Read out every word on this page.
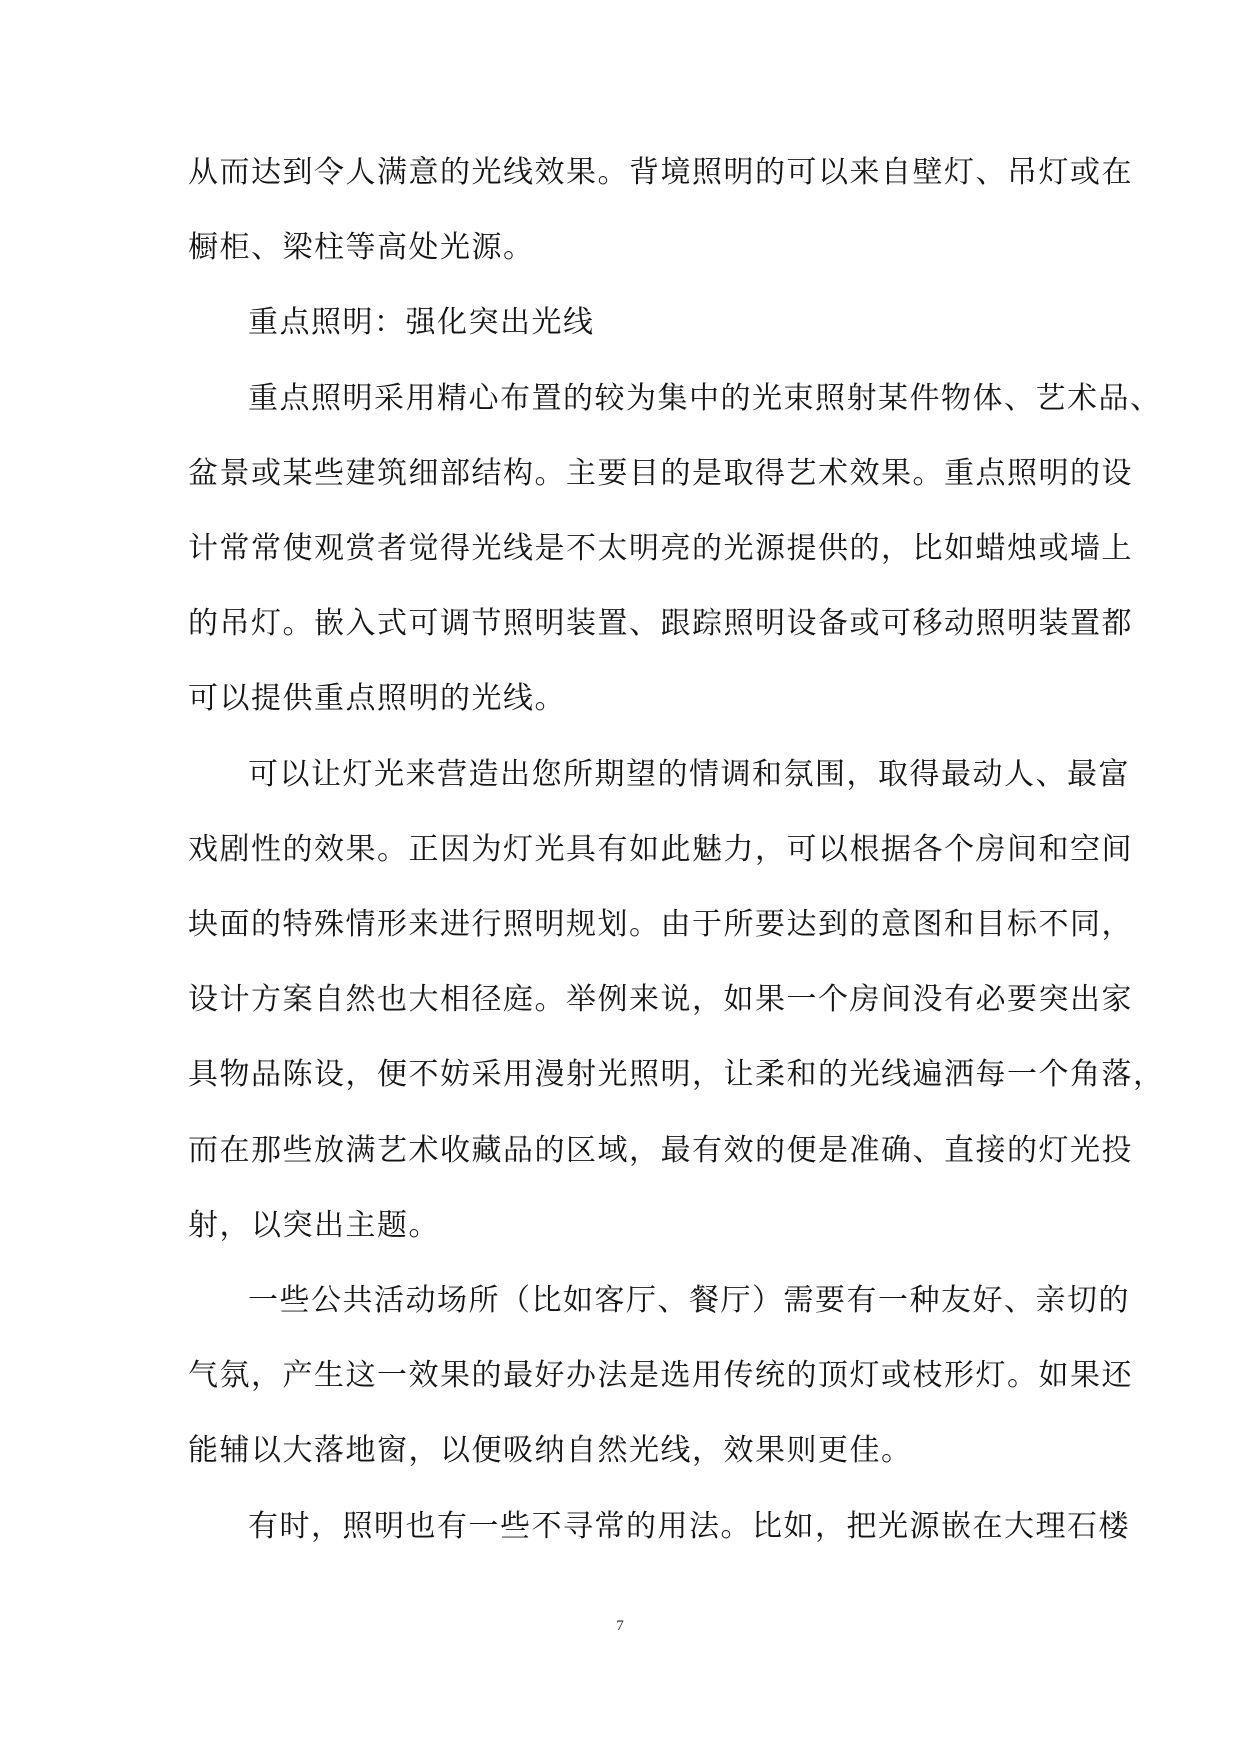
从而达到令人满意的光线效果。背境照明的可以来自壁灯、吊灯或在
橱柜、梁柱等高处光源。
重点照明：强化突出光线
重点照明采用精心布置的较为集中的光束照射某件物体、艺术品、
盆景或某些建筑细部结构。主要目的是取得艺术效果。重点照明的设
计常常使观赏者觉得光线是不太明亮的光源提供的，比如蜡烛或墙上
的吊灯。嵌入式可调节照明装置、跟踪照明设备或可移动照明装置都
可以提供重点照明的光线。
可以让灯光来营造出您所期望的情调和氛围，取得最动人、最富
戏剧性的效果。正因为灯光具有如此魅力，可以根据各个房间和空间
块面的特殊情形来进行照明规划。由于所要达到的意图和目标不同，
设计方案自然也大相径庭。举例来说，如果一个房间没有必要突出家
具物品陈设，便不妨采用漫射光照明，让柔和的光线遍洒每一个角落，
而在那些放满艺术收藏品的区域，最有效的便是准确、直接的灯光投
射，以突出主题。
一些公共活动场所（比如客厅、餐厅）需要有一种友好、亲切的
气氛，产生这一效果的最好办法是选用传统的顶灯或枝形灯。如果还
能辅以大落地窗，以便吸纳自然光线，效果则更佳。
有时，照明也有一些不寻常的用法。比如，把光源嵌在大理石楼
7
